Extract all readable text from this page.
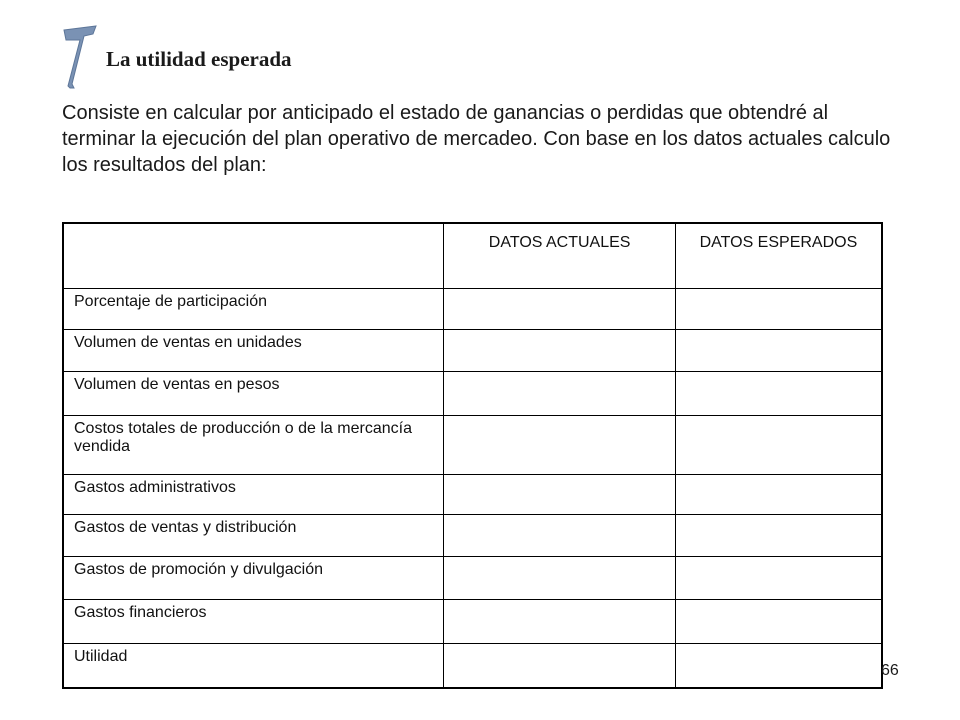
7
La utilidad esperada

Consiste en calcular por anticipado el estado de ganancias o perdidas que obtendré al terminar la ejecución del plan operativo de mercadeo. Con base en los datos actuales calculo los resultados del plan:

	DATOS ACTUALES	DATOS ESPERADOS
Porcentaje de participación		
Volumen de ventas en unidades		
Volumen de ventas en pesos		
Costos totales de producción o de la mercancía vendida		
Gastos administrativos		
Gastos de ventas y distribución		
Gastos de promoción y divulgación		
Gastos financieros		
Utilidad		
66
